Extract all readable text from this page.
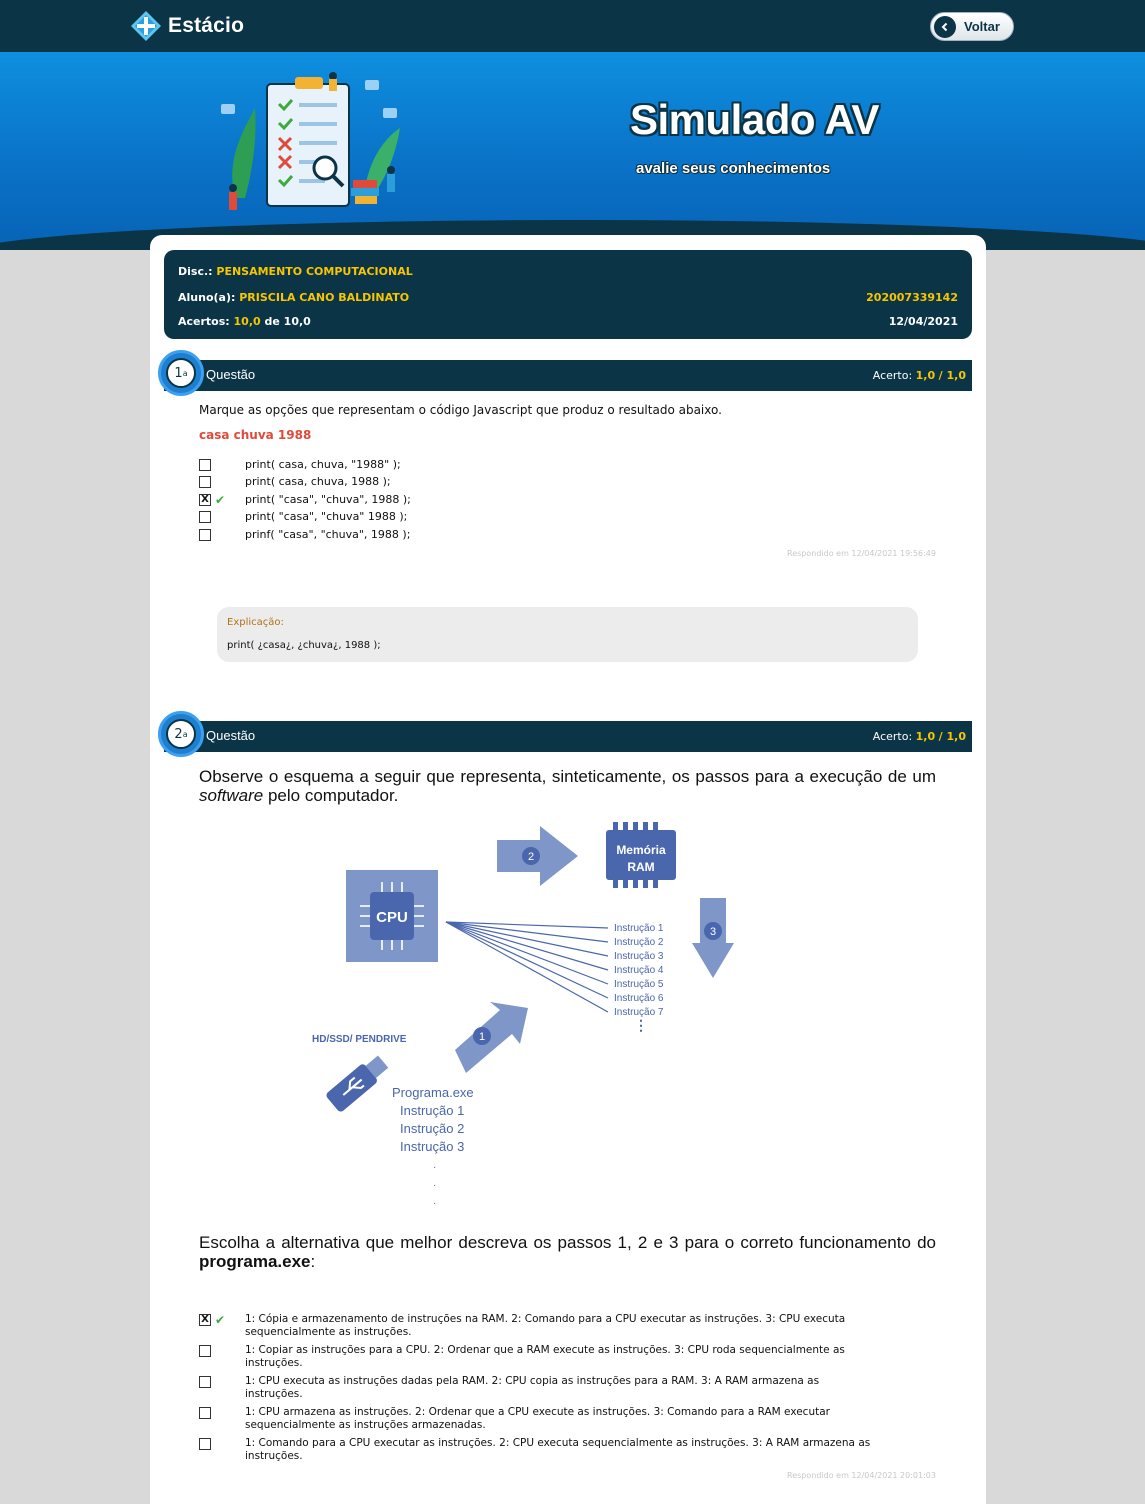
Estácio	Voltar
Simulado AV
avalie seus conhecimentos
Disc.: PENSAMENTO COMPUTACIONAL
Aluno(a): PRISCILA CANO BALDINATO	202007339142
Acertos: 10,0 de 10,0	12/04/2021
Questão	Acerto: 1,0 / 1,0
1 a
Marque as opções que representam o código Javascript que produz o resultado abaixo.
casa chuva 1988
print( casa, chuva, "1988" );
print( casa, chuva, 1988 );
X ✔ print( "casa", "chuva", 1988 );
print( "casa", "chuva" 1988 );
prinf( "casa", "chuva", 1988 );
Respondido em 12/04/2021 19:56:49
Explicação:
print( ¿casa¿, ¿chuva¿, 1988 );
Questão	Acerto: 1,0 / 1,0
2 a
Observe o esquema a seguir que representa, sinteticamente, os passos para a execução de um software pelo computador.
CPU
2	Memória
RAM
3
Instrução 1
Instrução 2
Instrução 3
Instrução 4
Instrução 5
Instrução 6
Instrução 7
⋮
1
HD/SSD/ PENDRIVE
Programa.exe
Instrução 1
Instrução 2
Instrução 3
·
·
·
Escolha a alternativa que melhor descreva os passos 1, 2 e 3 para o correto funcionamento do programa.exe:
X ✔ 1: Cópia e armazenamento de instruções na RAM. 2: Comando para a CPU executar as instruções. 3: CPU executa
sequencialmente as instruções.
1: Copiar as instruções para a CPU. 2: Ordenar que a RAM execute as instruções. 3: CPU roda sequencialmente as
instruções.
1: CPU executa as instruções dadas pela RAM. 2: CPU copia as instruções para a RAM. 3: A RAM armazena as
instruções.
1: CPU armazena as instruções. 2: Ordenar que a CPU execute as instruções. 3: Comando para a RAM executar
sequencialmente as instruções armazenadas.
1: Comando para a CPU executar as instruções. 2: CPU executa sequencialmente as instruções. 3: A RAM armazena as
instruções.
Respondido em 12/04/2021 20:01:03
